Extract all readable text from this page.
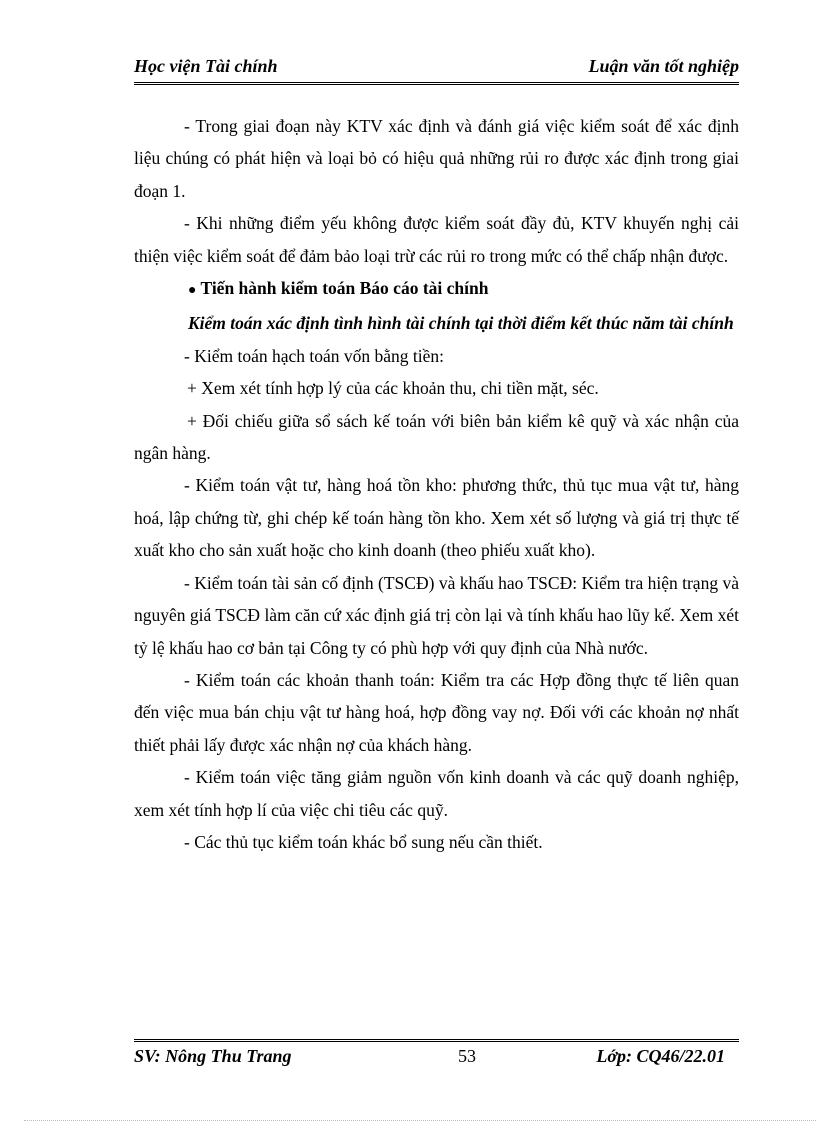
Học viện Tài chính	Luận văn tốt nghiệp

- Trong giai đoạn này KTV xác định và đánh giá việc kiểm soát để xác định liệu chúng có phát hiện và loại bỏ có hiệu quả những rủi ro được xác định trong giai đoạn 1.

- Khi những điểm yếu không được kiểm soát đầy đủ, KTV khuyến nghị cải thiện việc kiểm soát để đảm bảo loại trừ các rủi ro trong mức có thể chấp nhận được.

● Tiến hành kiểm toán Báo cáo tài chính

Kiểm toán xác định tình hình tài chính tại thời điểm kết thúc năm tài chính

- Kiểm toán hạch toán vốn bằng tiền:

+ Xem xét tính hợp lý của các khoản thu, chi tiền mặt, séc.

+ Đối chiếu giữa sổ sách kế toán với biên bản kiểm kê quỹ và xác nhận của ngân hàng.

- Kiểm toán vật tư, hàng hoá tồn kho: phương thức, thủ tục mua vật tư, hàng hoá, lập chứng từ, ghi chép kế toán hàng tồn kho. Xem xét số lượng và giá trị thực tế xuất kho cho sản xuất hoặc cho kinh doanh (theo phiếu xuất kho).

- Kiểm toán tài sản cố định (TSCĐ) và khấu hao TSCĐ: Kiểm tra hiện trạng và nguyên giá TSCĐ làm căn cứ xác định giá trị còn lại và tính khấu hao lũy kế. Xem xét tỷ lệ khấu hao cơ bản tại Công ty có phù hợp với quy định của Nhà nước.

- Kiểm toán các khoản thanh toán: Kiểm tra các Hợp đồng thực tế liên quan đến việc mua bán chịu vật tư hàng hoá, hợp đồng vay nợ. Đối với các khoản nợ nhất thiết phải lấy được xác nhận nợ của khách hàng.

- Kiểm toán việc tăng giảm nguồn vốn kinh doanh và các quỹ doanh nghiệp, xem xét tính hợp lí của việc chi tiêu các quỹ.

- Các thủ tục kiểm toán khác bổ sung nếu cần thiết.

SV: Nông Thu Trang	53	Lớp: CQ46/22.01
